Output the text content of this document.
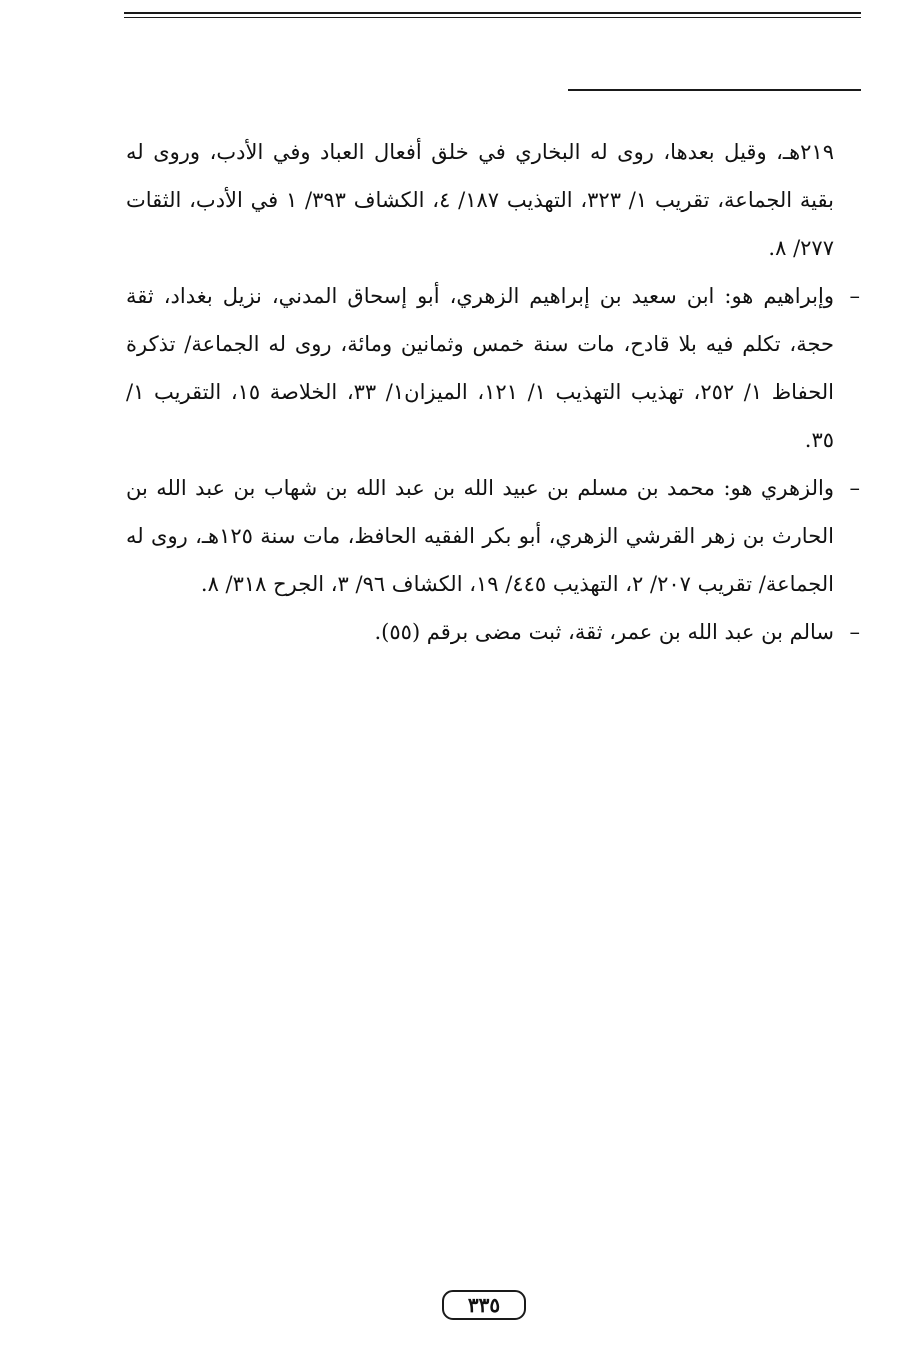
٢١٩هـ، وقيل بعدها، روى له البخاري في خلق أفعال العباد وفي الأدب، وروى له بقية الجماعة، تقريب ١/ ٣٢٣، التهذيب ١٨٧/ ٤، الكشاف ٣٩٣/ ١ في الأدب، الثقات ٢٧٧/ ٨.

–
وإبراهيم هو: ابن سعيد بن إبراهيم الزهري، أبو إسحاق المدني، نزيل بغداد، ثقة حجة، تكلم فيه بلا قادح، مات سنة خمس وثمانين ومائة، روى له الجماعة/ تذكرة الحفاظ ١/ ٢٥٢، تهذيب التهذيب ١/ ١٢١، الميزان١/ ٣٣، الخلاصة ١٥، التقريب ١/ ٣٥.

–
والزهري هو: محمد بن مسلم بن عبيد الله بن عبد الله بن شهاب بن عبد الله بن الحارث بن زهر القرشي الزهري، أبو بكر الفقيه الحافظ، مات سنة ١٢٥هـ، روى له الجماعة/ تقريب ٢٠٧/ ٢، التهذيب ٤٤٥/ ١٩، الكشاف ٩٦/ ٣، الجرح ٣١٨/ ٨.

–
سالم بن عبد الله بن عمر، ثقة، ثبت مضى برقم (٥٥).

٣٣٥
